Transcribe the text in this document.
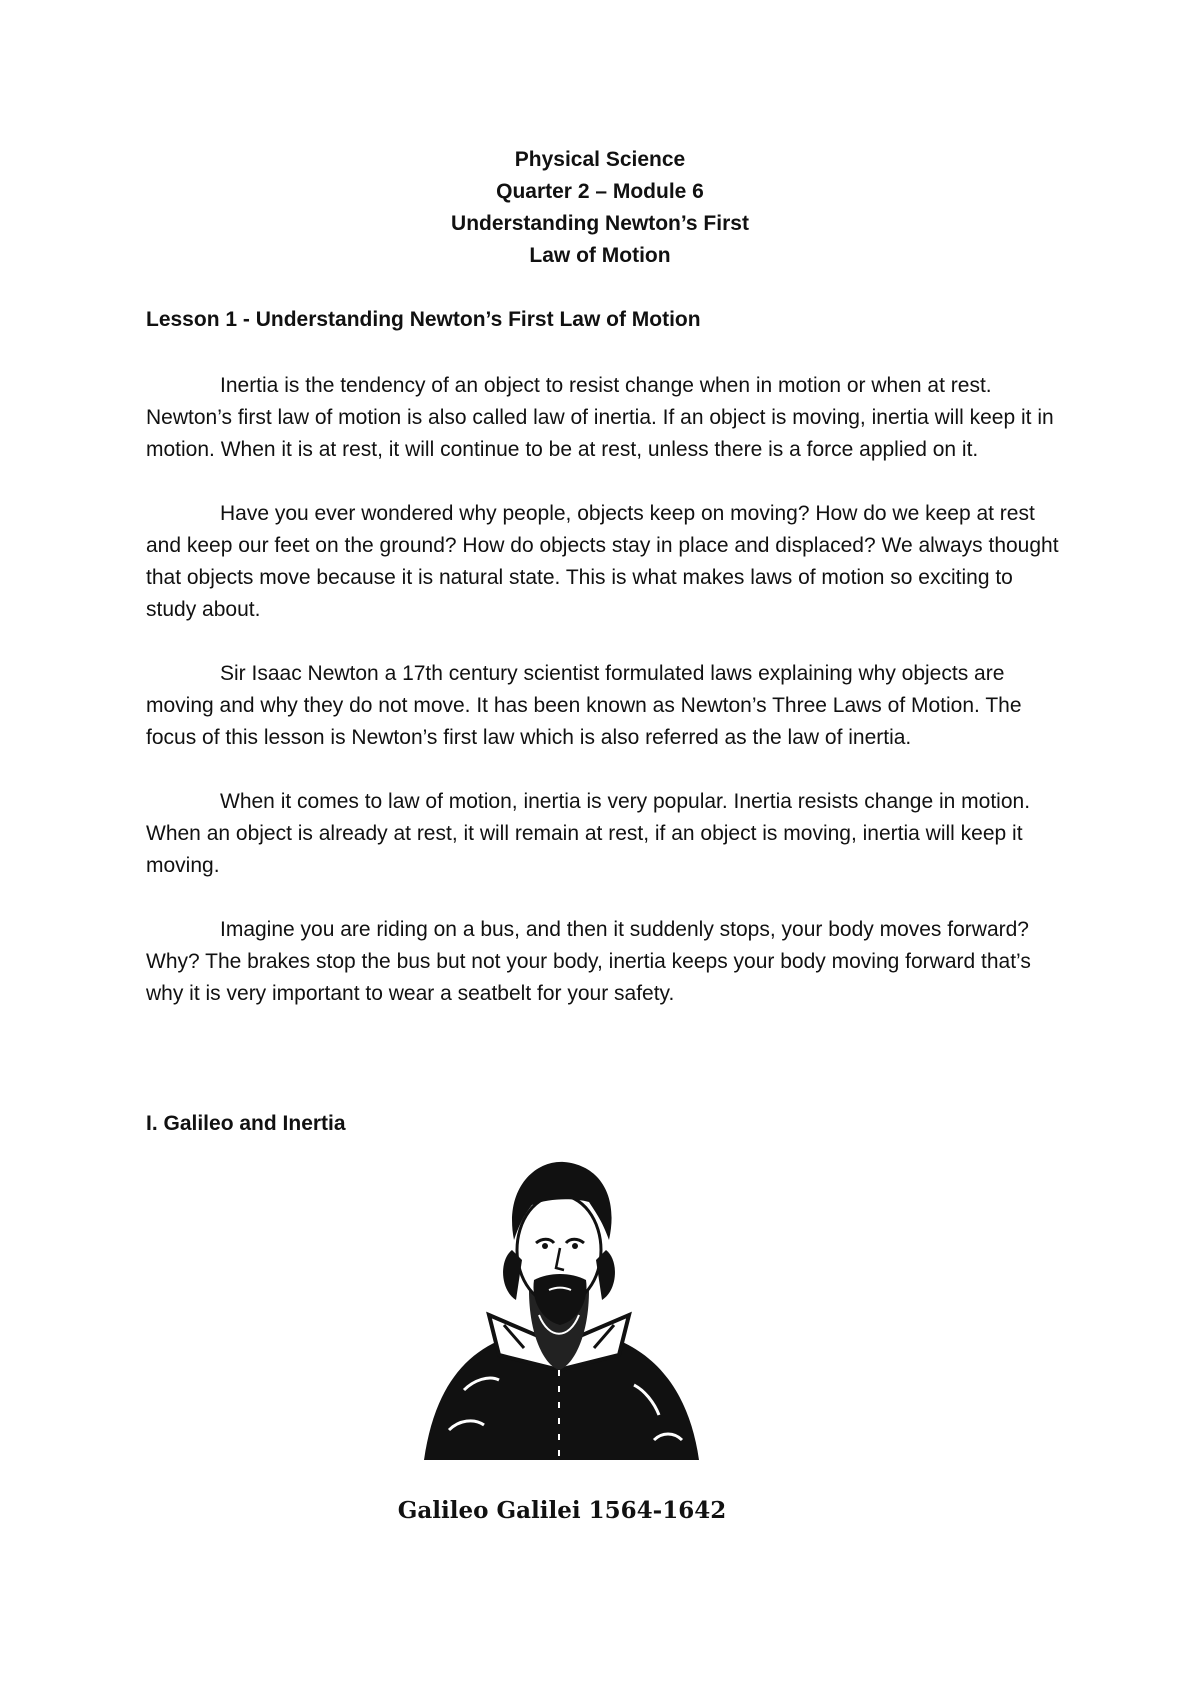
Physical Science
Quarter 2 – Module 6
Understanding Newton’s First
Law of Motion
Lesson 1 - Understanding Newton’s First Law of Motion

Inertia is the tendency of an object to resist change when in motion or when at rest. Newton’s first law of motion is also called law of inertia. If an object is moving, inertia will keep it in motion. When it is at rest, it will continue to be at rest, unless there is a force applied on it.

Have you ever wondered why people, objects keep on moving? How do we keep at rest and keep our feet on the ground? How do objects stay in place and displaced? We always thought that objects move because it is natural state. This is what makes laws of motion so exciting to study about.

Sir Isaac Newton a 17th century scientist formulated laws explaining why objects are moving and why they do not move. It has been known as Newton’s Three Laws of Motion. The focus of this lesson is Newton’s first law which is also referred as the law of inertia.

When it comes to law of motion, inertia is very popular. Inertia resists change in motion. When an object is already at rest, it will remain at rest, if an object is moving, inertia will keep it moving.

Imagine you are riding on a bus, and then it suddenly stops, your body moves forward? Why? The brakes stop the bus but not your body, inertia keeps your body moving forward that’s why it is very important to wear a seatbelt for your safety.

I. Galileo and Inertia
Galileo Galilei 1564-1642
